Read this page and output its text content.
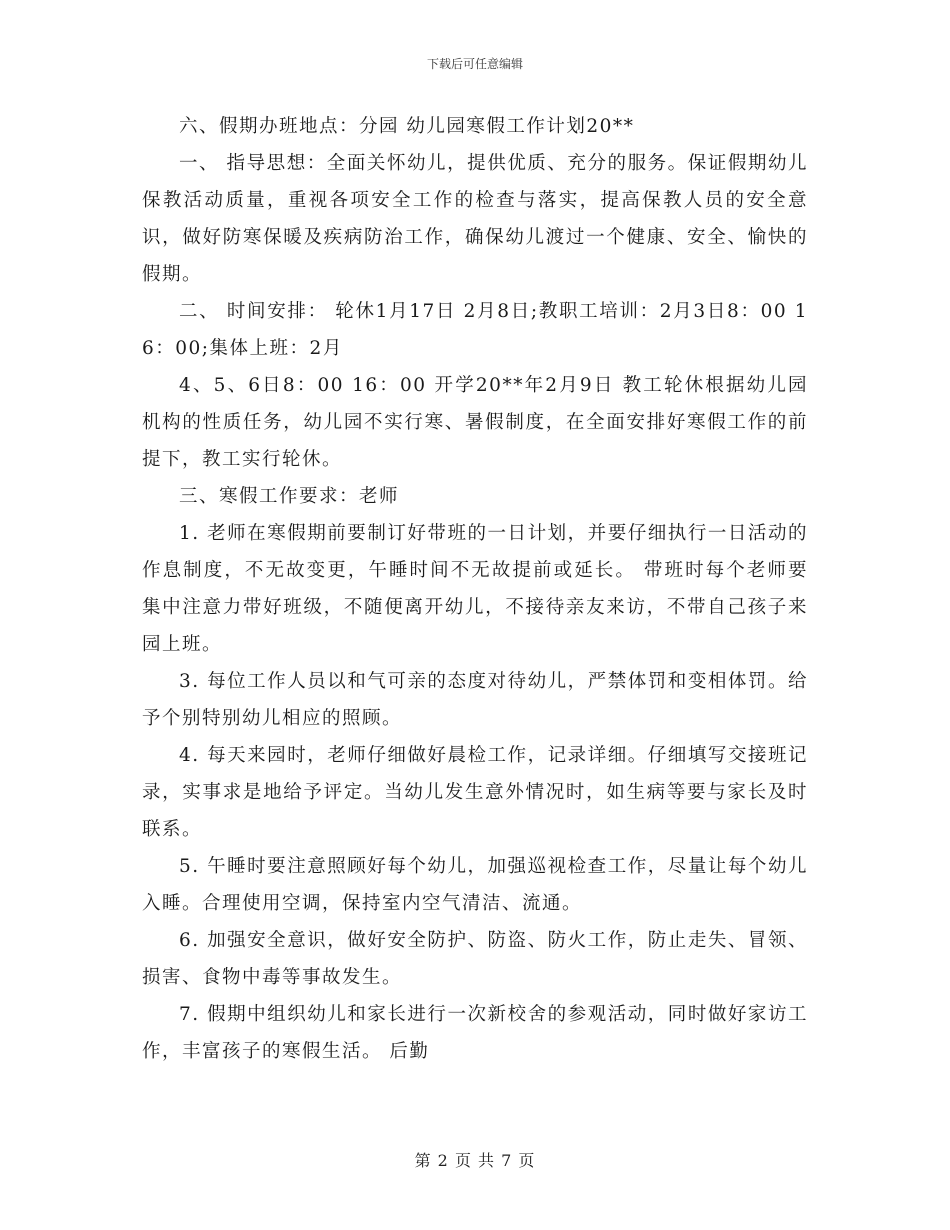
下载后可任意编辑

六、假期办班地点：分园 幼儿园寒假工作计划20**

一、 指导思想：全面关怀幼儿，提供优质、充分的服务。保证假期幼儿保教活动质量，重视各项安全工作的检查与落实，提高保教人员的安全意识，做好防寒保暖及疾病防治工作，确保幼儿渡过一个健康、安全、愉快的假期。

二、 时间安排： 轮休1月17日 2月8日;教职工培训：2月3日8：00 16：00;集体上班：2月

4、5、6日8：00 16：00 开学20**年2月9日 教工轮休根据幼儿园机构的性质任务，幼儿园不实行寒、暑假制度，在全面安排好寒假工作的前提下，教工实行轮休。

三、寒假工作要求：老师

1. 老师在寒假期前要制订好带班的一日计划，并要仔细执行一日活动的作息制度，不无故变更，午睡时间不无故提前或延长。 带班时每个老师要集中注意力带好班级，不随便离开幼儿，不接待亲友来访，不带自己孩子来园上班。

3. 每位工作人员以和气可亲的态度对待幼儿，严禁体罚和变相体罚。给予个别特别幼儿相应的照顾。

4. 每天来园时，老师仔细做好晨检工作，记录详细。仔细填写交接班记录，实事求是地给予评定。当幼儿发生意外情况时，如生病等要与家长及时联系。

5. 午睡时要注意照顾好每个幼儿，加强巡视检查工作，尽量让每个幼儿入睡。合理使用空调，保持室内空气清洁、流通。

6. 加强安全意识，做好安全防护、防盗、防火工作，防止走失、冒领、损害、食物中毒等事故发生。

7. 假期中组织幼儿和家长进行一次新校舍的参观活动，同时做好家访工作，丰富孩子的寒假生活。 后勤

第 2 页 共 7 页
